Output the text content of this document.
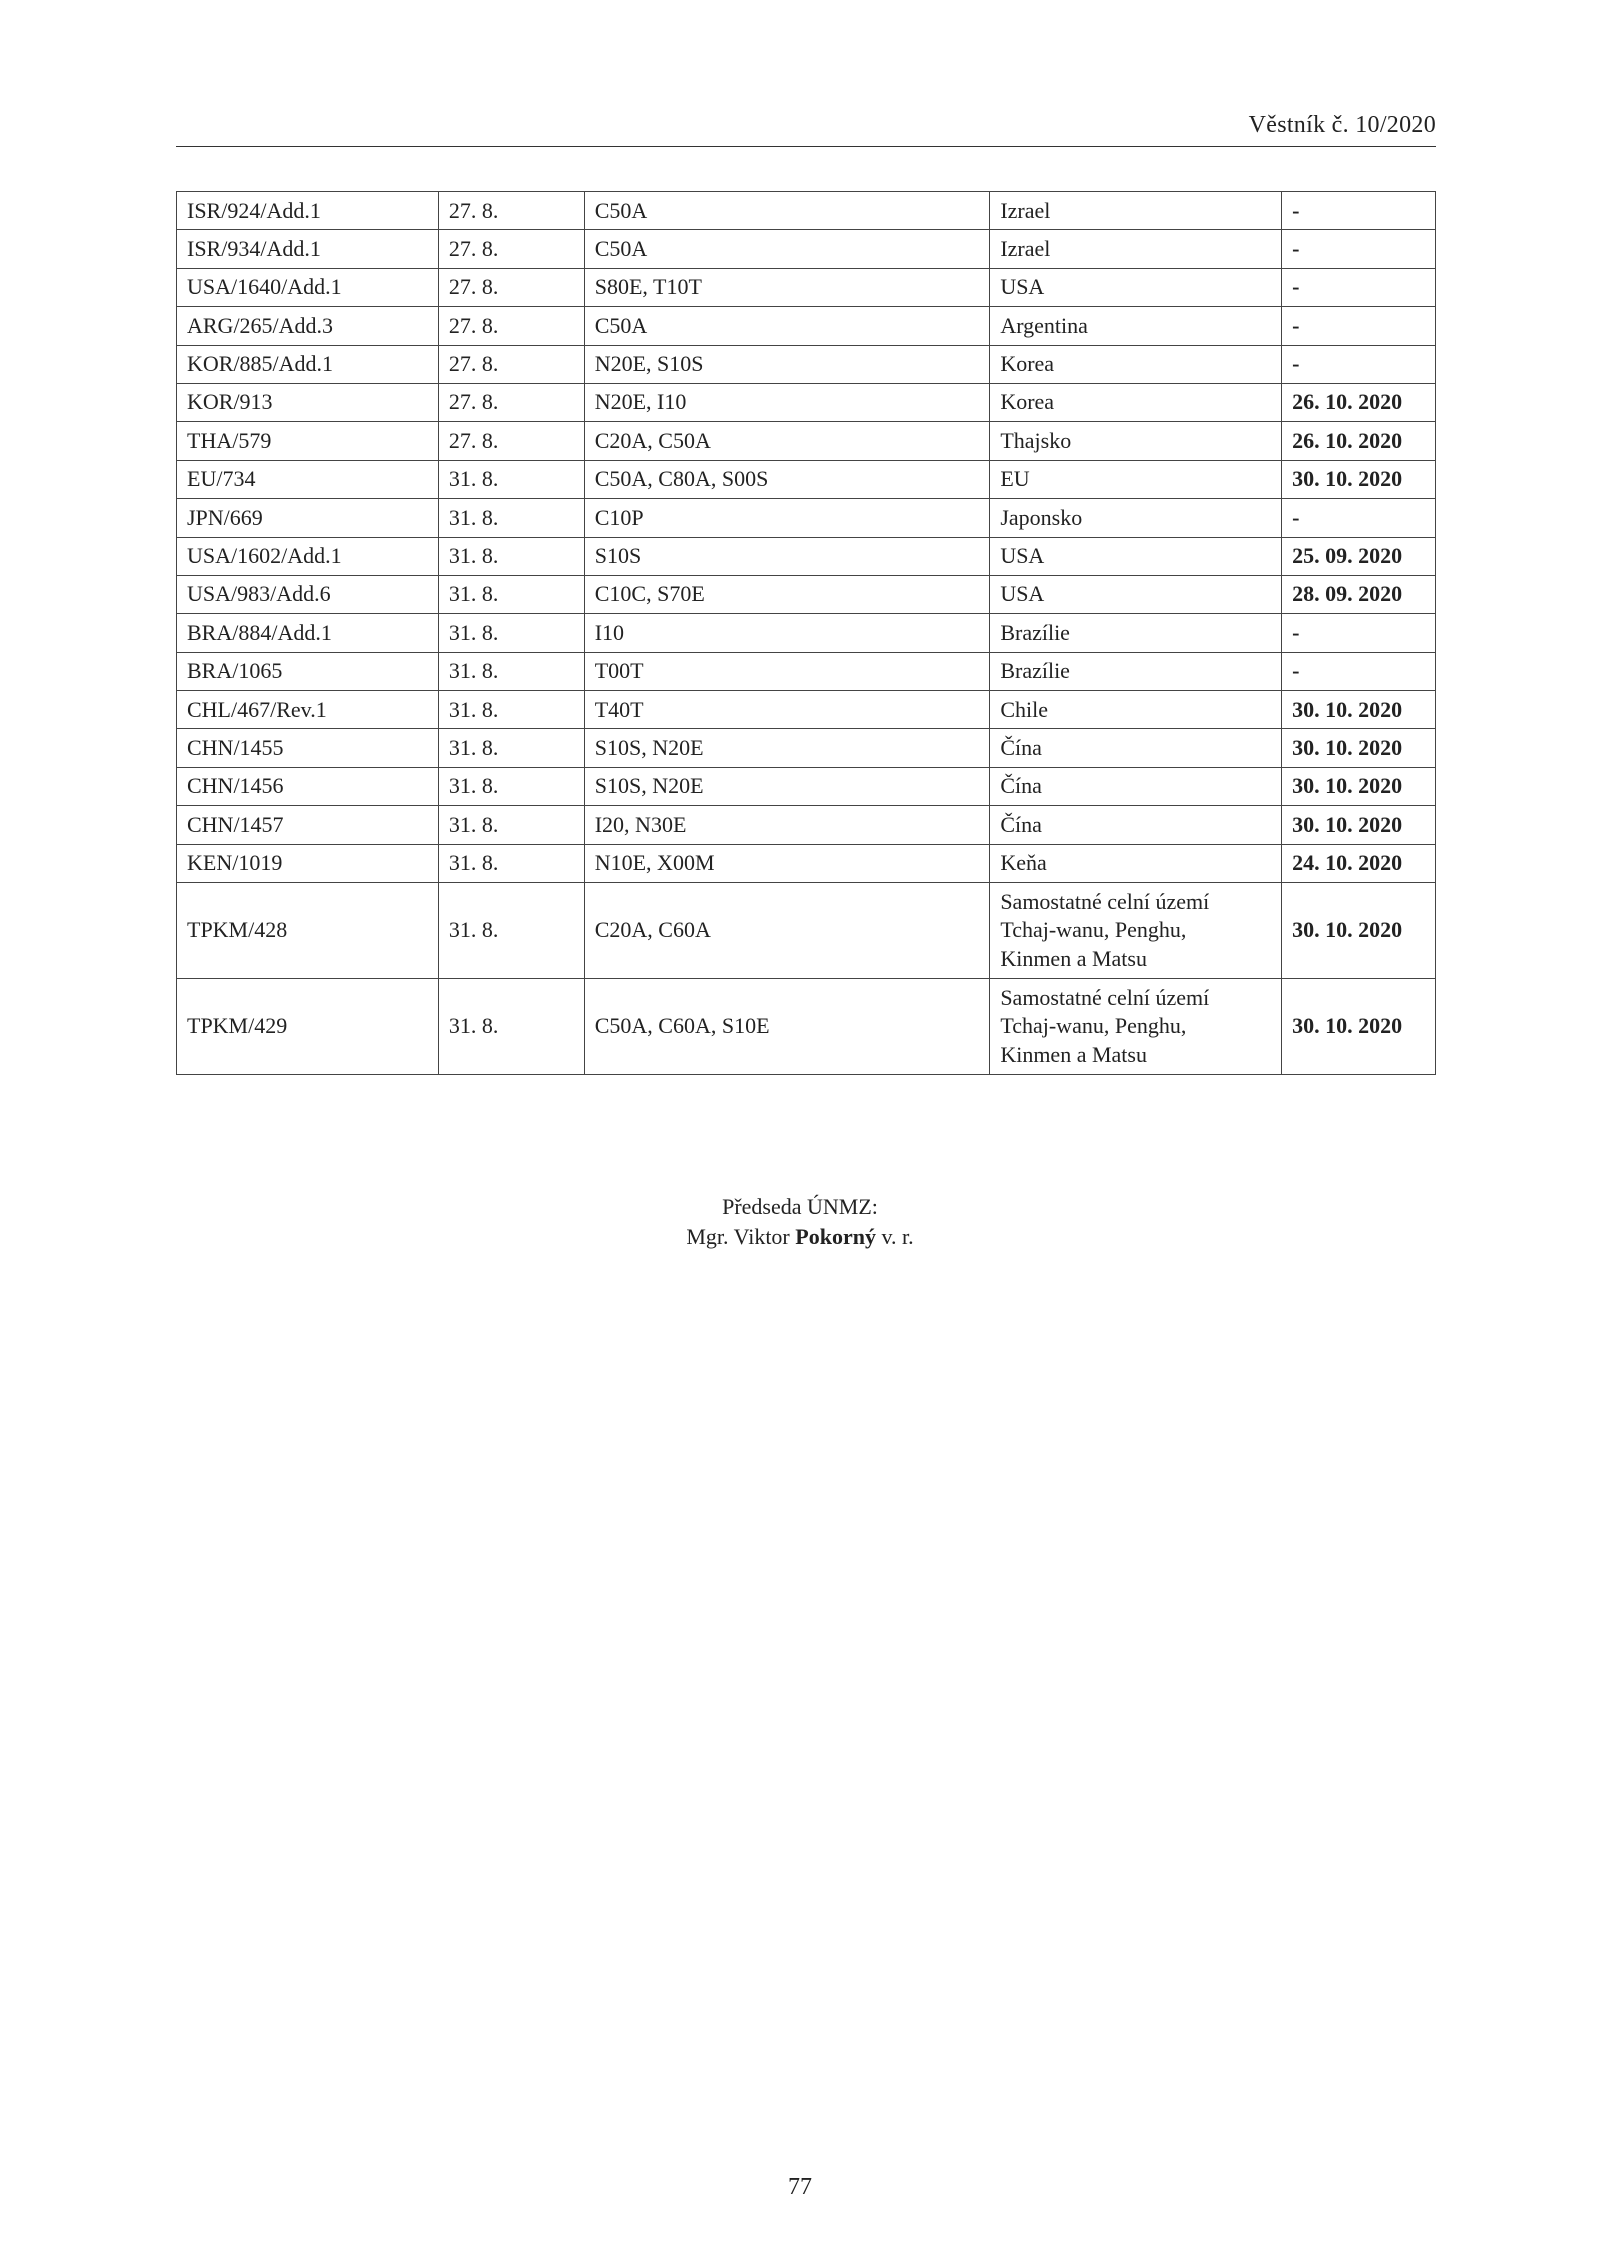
Věstník č. 10/2020
ISR/924/Add.1	27. 8.	C50A	Izrael	-
ISR/934/Add.1	27. 8.	C50A	Izrael	-
USA/1640/Add.1	27. 8.	S80E, T10T	USA	-
ARG/265/Add.3	27. 8.	C50A	Argentina	-
KOR/885/Add.1	27. 8.	N20E, S10S	Korea	-
KOR/913	27. 8.	N20E, I10	Korea	26. 10. 2020
THA/579	27. 8.	C20A, C50A	Thajsko	26. 10. 2020
EU/734	31. 8.	C50A, C80A, S00S	EU	30. 10. 2020
JPN/669	31. 8.	C10P	Japonsko	-
USA/1602/Add.1	31. 8.	S10S	USA	25. 09. 2020
USA/983/Add.6	31. 8.	C10C, S70E	USA	28. 09. 2020
BRA/884/Add.1	31. 8.	I10	Brazílie	-
BRA/1065	31. 8.	T00T	Brazílie	-
CHL/467/Rev.1	31. 8.	T40T	Chile	30. 10. 2020
CHN/1455	31. 8.	S10S, N20E	Čína	30. 10. 2020
CHN/1456	31. 8.	S10S, N20E	Čína	30. 10. 2020
CHN/1457	31. 8.	I20, N30E	Čína	30. 10. 2020
KEN/1019	31. 8.	N10E, X00M	Keňa	24. 10. 2020
TPKM/428	31. 8.	C20A, C60A	Samostatné celní území
Tchaj-wanu, Penghu,
Kinmen a Matsu	30. 10. 2020
TPKM/429	31. 8.	C50A, C60A, S10E	Samostatné celní území
Tchaj-wanu, Penghu,
Kinmen a Matsu	30. 10. 2020
Předseda ÚNMZ:
Mgr. Viktor Pokorný v. r.
77
